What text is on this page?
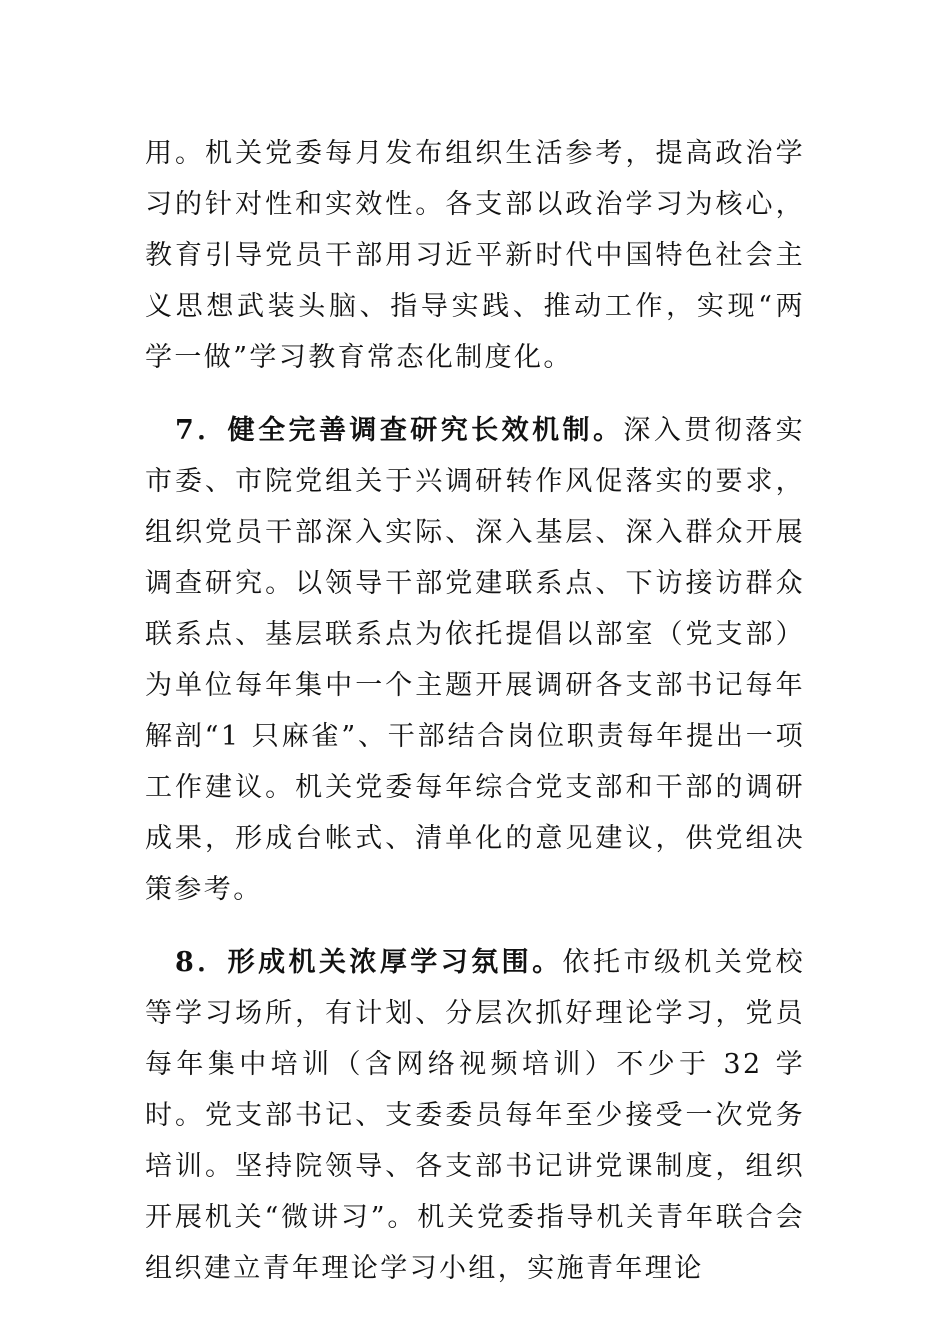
用。机关党委每月发布组织生活参考，提高政治学习的针对性和实效性。各支部以政治学习为核心，教育引导党员干部用习近平新时代中国特色社会主义思想武装头脑、指导实践、推动工作，实现“两学一做”学习教育常态化制度化。

7．健全完善调查研究长效机制。深入贯彻落实市委、市院党组关于兴调研转作风促落实的要求，组织党员干部深入实际、深入基层、深入群众开展调查研究。以领导干部党建联系点、下访接访群众联系点、基层联系点为依托提倡以部室（党支部）为单位每年集中一个主题开展调研各支部书记每年解剖“1 只麻雀”、干部结合岗位职责每年提出一项工作建议。机关党委每年综合党支部和干部的调研成果，形成台帐式、清单化的意见建议，供党组决策参考。

8．形成机关浓厚学习氛围。依托市级机关党校等学习场所，有计划、分层次抓好理论学习，党员每年集中培训（含网络视频培训）不少于 32 学时。党支部书记、支委委员每年至少接受一次党务培训。坚持院领导、各支部书记讲党课制度，组织开展机关“微讲习”。机关党委指导机关青年联合会组织建立青年理论学习小组，实施青年理论
